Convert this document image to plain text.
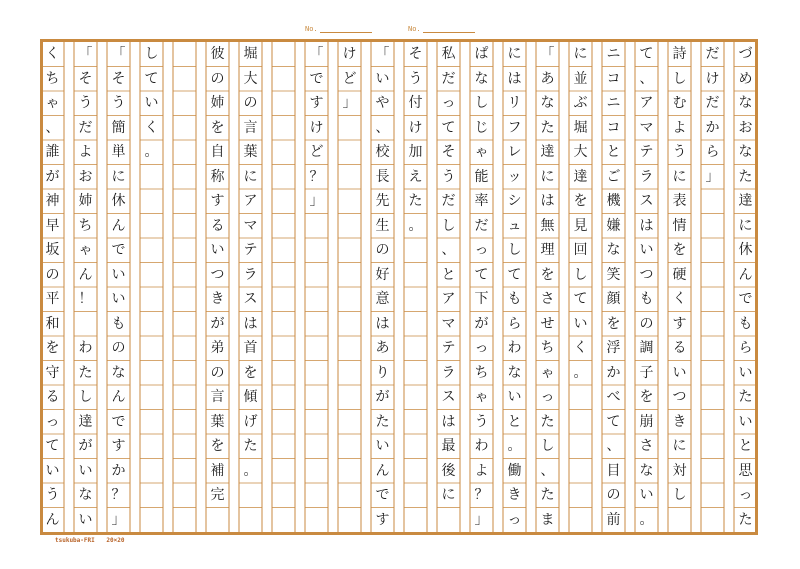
No.	No.
づ
め
な
お
な
た
達
に
休
ん
で
も
ら
い
た
い
と
思
っ
た
だ
け
だ
か
ら
」
詩
し
む
よ
う
に
表
情
を
硬
く
す
る
い
つ
き
に
対
し
て
、
ア
マ
テ
ラ
ス
は
い
つ
も
の
調
子
を
崩
さ
な
い
。
ニ
コ
ニ
コ
と
ご
機
嫌
な
笑
顔
を
浮
か
べ
て
、
目
の
前
に
並
ぶ
堀
大
達
を
見
回
し
て
い
く
。
「
あ
な
た
達
に
は
無
理
を
さ
せ
ち
ゃ
っ
た
し
、
た
ま
に
は
リ
フ
レ
ッ
シ
ュ
し
て
も
ら
わ
な
い
と
。
働
き
っ
ぱ
な
し
じ
ゃ
能
率
だ
っ
て
下
が
っ
ち
ゃ
う
わ
よ
？
」
私
だ
っ
て
そ
う
だ
し
、
と
ア
マ
テ
ラ
ス
は
最
後
に
そ
う
付
け
加
え
た
。
「
い
や
、
校
長
先
生
の
好
意
は
あ
り
が
た
い
ん
で
す
け
ど
」
「
で
す
け
ど
？
」
堀
大
の
言
葉
に
ア
マ
テ
ラ
ス
は
首
を
傾
げ
た
。
彼
の
姉
を
自
称
す
る
い
つ
き
が
弟
の
言
葉
を
補
完
し
て
い
く
。
「
そ
う
簡
単
に
休
ん
で
い
い
も
の
な
ん
で
す
か
？
」
「
そ
う
だ
よ
お
姉
ち
ゃ
ん
！

わ
た
し
達
が
い
な
い
く
ち
ゃ
、
誰
が
神
早
坂
の
平
和
を
守
る
っ
て
い
う
ん
tsukuba-FRI 20×20
